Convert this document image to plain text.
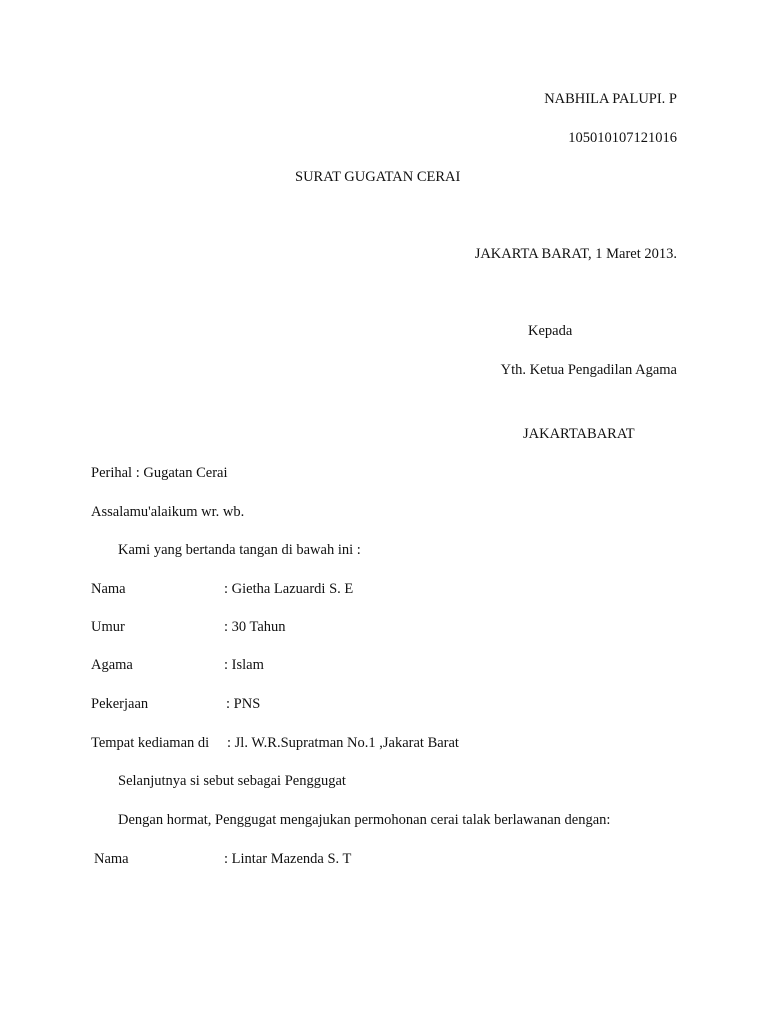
NABHILA PALUPI. P
105010107121016
SURAT GUGATAN CERAI
JAKARTA BARAT, 1 Maret 2013.
Kepada
Yth. Ketua Pengadilan Agama
JAKARTABARAT
Perihal : Gugatan Cerai
Assalamu'alaikum wr. wb.
Kami yang bertanda tangan di bawah ini :
Nama	: Gietha Lazuardi S. E
Umur	: 30 Tahun
Agama	: Islam
Pekerjaan	: PNS
Tempat kediaman di : Jl. W.R.Supratman No.1 ,Jakarat Barat
Selanjutnya si sebut sebagai Penggugat
Dengan hormat, Penggugat mengajukan permohonan cerai talak berlawanan dengan:
Nama	: Lintar Mazenda S. T
